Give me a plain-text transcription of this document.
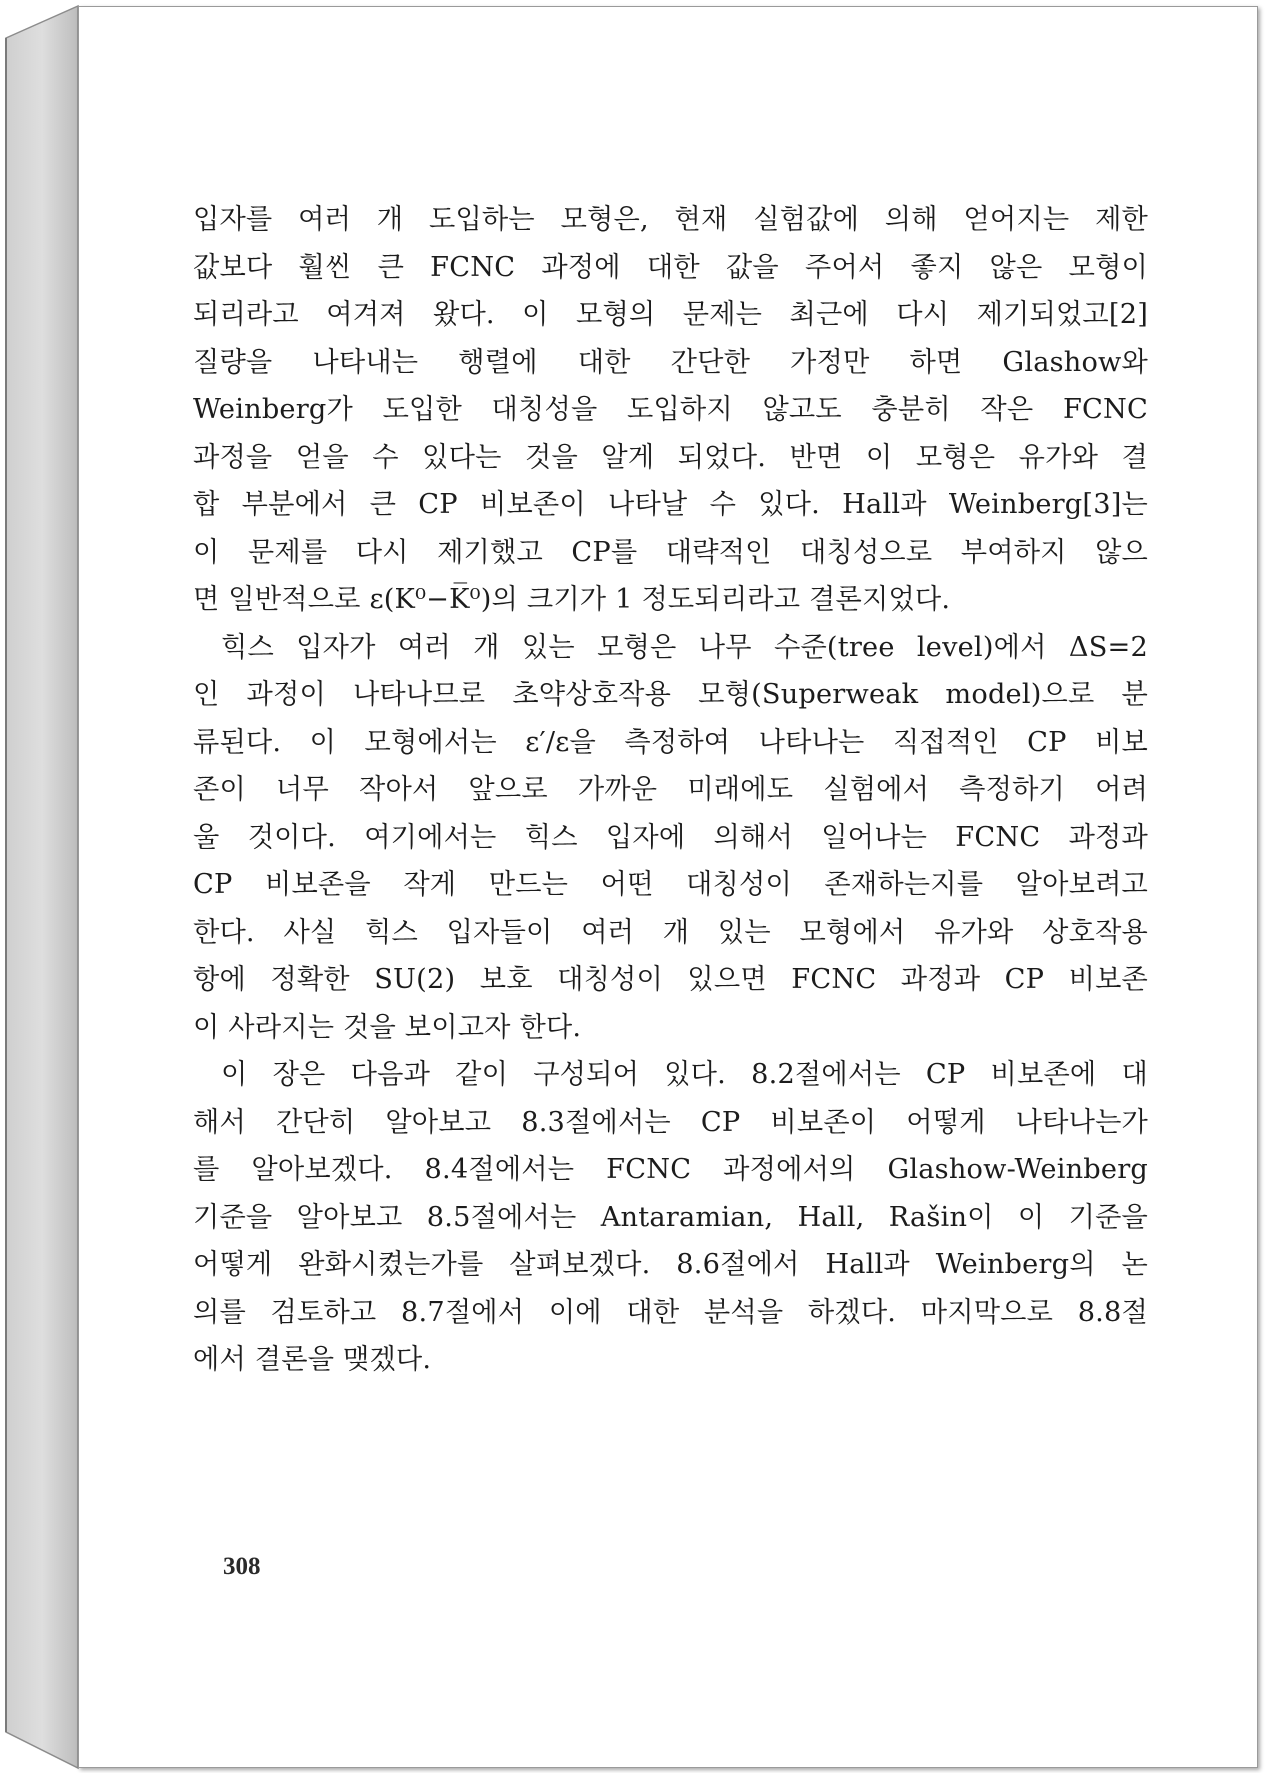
입자를 여러 개 도입하는 모형은, 현재 실험값에 의해 얻어지는 제한
값보다 훨씬 큰 FCNC 과정에 대한 값을 주어서 좋지 않은 모형이
되리라고 여겨져 왔다. 이 모형의 문제는 최근에 다시 제기되었고[2]
질량을 나타내는 행렬에 대한 간단한 가정만 하면 Glashow와
Weinberg가 도입한 대칭성을 도입하지 않고도 충분히 작은 FCNC
과정을 얻을 수 있다는 것을 알게 되었다. 반면 이 모형은 유가와 결
합 부분에서 큰 CP 비보존이 나타날 수 있다. Hall과 Weinberg[3]는
이 문제를 다시 제기했고 CP를 대략적인 대칭성으로 부여하지 않으
면 일반적으로 ε(K⁰−K̅⁰)의 크기가 1 정도되리라고 결론지었다.
힉스 입자가 여러 개 있는 모형은 나무 수준(tree level)에서 ΔS=2
인 과정이 나타나므로 초약상호작용 모형(Superweak model)으로 분
류된다. 이 모형에서는 ε′/ε을 측정하여 나타나는 직접적인 CP 비보
존이 너무 작아서 앞으로 가까운 미래에도 실험에서 측정하기 어려
울 것이다. 여기에서는 힉스 입자에 의해서 일어나는 FCNC 과정과
CP 비보존을 작게 만드는 어떤 대칭성이 존재하는지를 알아보려고
한다. 사실 힉스 입자들이 여러 개 있는 모형에서 유가와 상호작용
항에 정확한 SU(2) 보호 대칭성이 있으면 FCNC 과정과 CP 비보존
이 사라지는 것을 보이고자 한다.
이 장은 다음과 같이 구성되어 있다. 8.2절에서는 CP 비보존에 대
해서 간단히 알아보고 8.3절에서는 CP 비보존이 어떻게 나타나는가
를 알아보겠다. 8.4절에서는 FCNC 과정에서의 Glashow-Weinberg
기준을 알아보고 8.5절에서는 Antaramian, Hall, Rašin이 이 기준을
어떻게 완화시켰는가를 살펴보겠다. 8.6절에서 Hall과 Weinberg의 논
의를 검토하고 8.7절에서 이에 대한 분석을 하겠다. 마지막으로 8.8절
에서 결론을 맺겠다.
308
